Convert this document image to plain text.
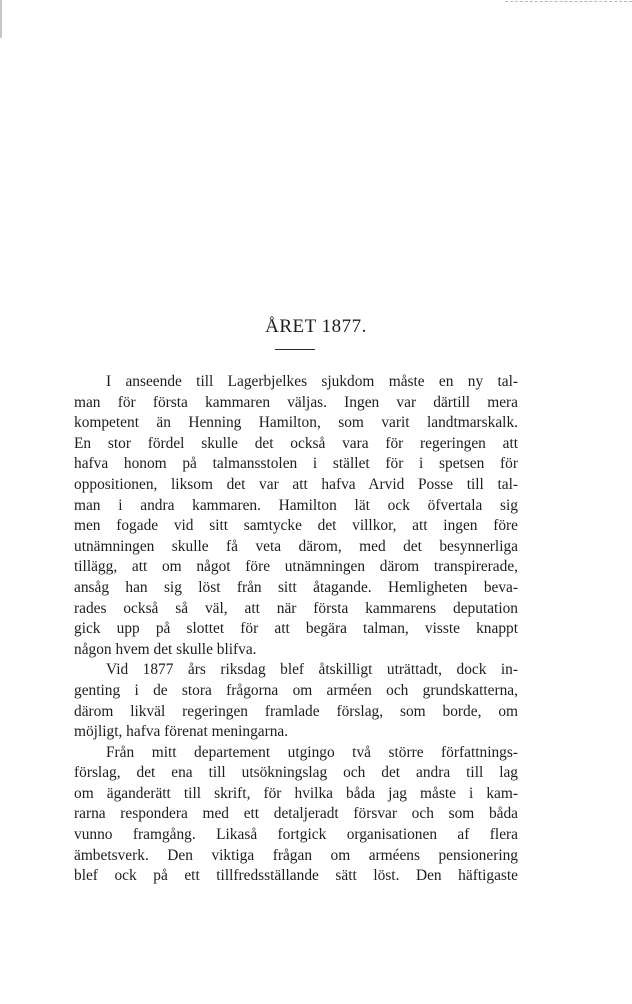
ÅRET 1877.
I anseende till Lagerbjelkes sjukdom måste en ny tal-
man för första kammaren väljas. Ingen var därtill mera
kompetent än Henning Hamilton, som varit landtmarskalk.
En stor fördel skulle det också vara för regeringen att
hafva honom på talmansstolen i stället för i spetsen för
oppositionen, liksom det var att hafva Arvid Posse till tal-
man i andra kammaren. Hamilton lät ock öfvertala sig
men fogade vid sitt samtycke det villkor, att ingen före
utnämningen skulle få veta därom, med det besynnerliga
tillägg, att om något före utnämningen därom transpirerade,
ansåg han sig löst från sitt åtagande. Hemligheten beva-
rades också så väl, att när första kammarens deputation
gick upp på slottet för att begära talman, visste knappt
någon hvem det skulle blifva.
Vid 1877 års riksdag blef åtskilligt uträttadt, dock in-
genting i de stora frågorna om arméen och grundskatterna,
därom likväl regeringen framlade förslag, som borde, om
möjligt, hafva förenat meningarna.
Från mitt departement utgingo två större författnings-
förslag, det ena till utsökningslag och det andra till lag
om äganderätt till skrift, för hvilka båda jag måste i kam-
rarna respondera med ett detaljeradt försvar och som båda
vunno framgång. Likaså fortgick organisationen af flera
ämbetsverk. Den viktiga frågan om arméens pensionering
blef ock på ett tillfredsställande sätt löst. Den häftigaste
